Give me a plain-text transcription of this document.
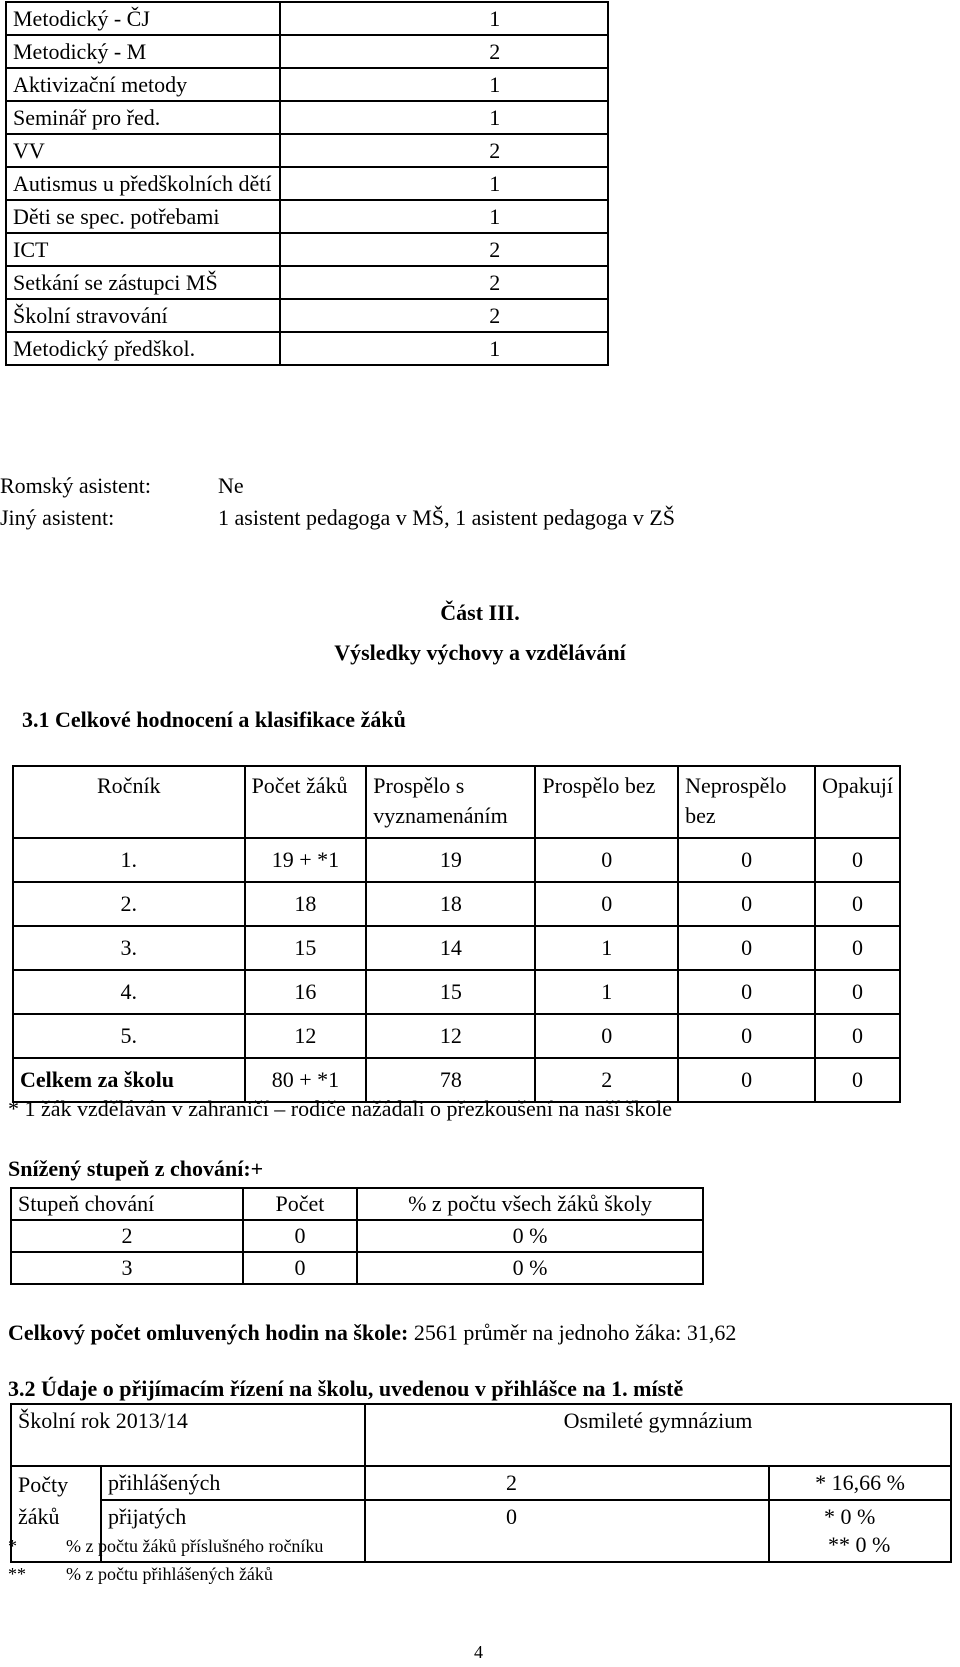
Metodický - ČJ	1
Metodický - M	2
Aktivizační metody	1
Seminář pro řed.	1
VV	2
Autismus u předškolních dětí	1
Děti se spec. potřebami	1
ICT	2
Setkání se zástupci MŠ	2
Školní stravování	2
Metodický předškol.	1
Romský asistent:	Ne
Jiný asistent:	1 asistent pedagoga v MŠ, 1 asistent pedagoga v ZŠ
Část III.
Výsledky výchovy a vzdělávání
3.1 Celkové hodnocení a klasifikace žáků
Ročník	Počet žáků	Prospělo s vyznamenáním	Prospělo bez	Neprospělo bez	Opakují
1.	19 + *1	19	0	0	0
2.	18	18	0	0	0
3.	15	14	1	0	0
4.	16	15	1	0	0
5.	12	12	0	0	0
Celkem za školu	80 + *1	78	2	0	0
* 1 žák vzděláván v zahraničí – rodiče nažádali o přezkoušení na naší škole
Snížený stupeň z chování:+
Stupeň chování	Počet	% z počtu všech žáků školy
2	0	0 %
3	0	0 %
Celkový počet omluvených hodin na škole: 2561 průměr na jednoho žáka: 31,62
3.2 Údaje o přijímacím řízení na školu, uvedenou v přihlášce na 1. místě
Školní rok 2013/14		Osmileté gymnázium	
Počty žáků	přihlášených	2	* 16,66 %
	přijatých	0	* 0 % ** 0 %
*	% z počtu žáků příslušného ročníku
** % z počtu přihlášených žáků
4
